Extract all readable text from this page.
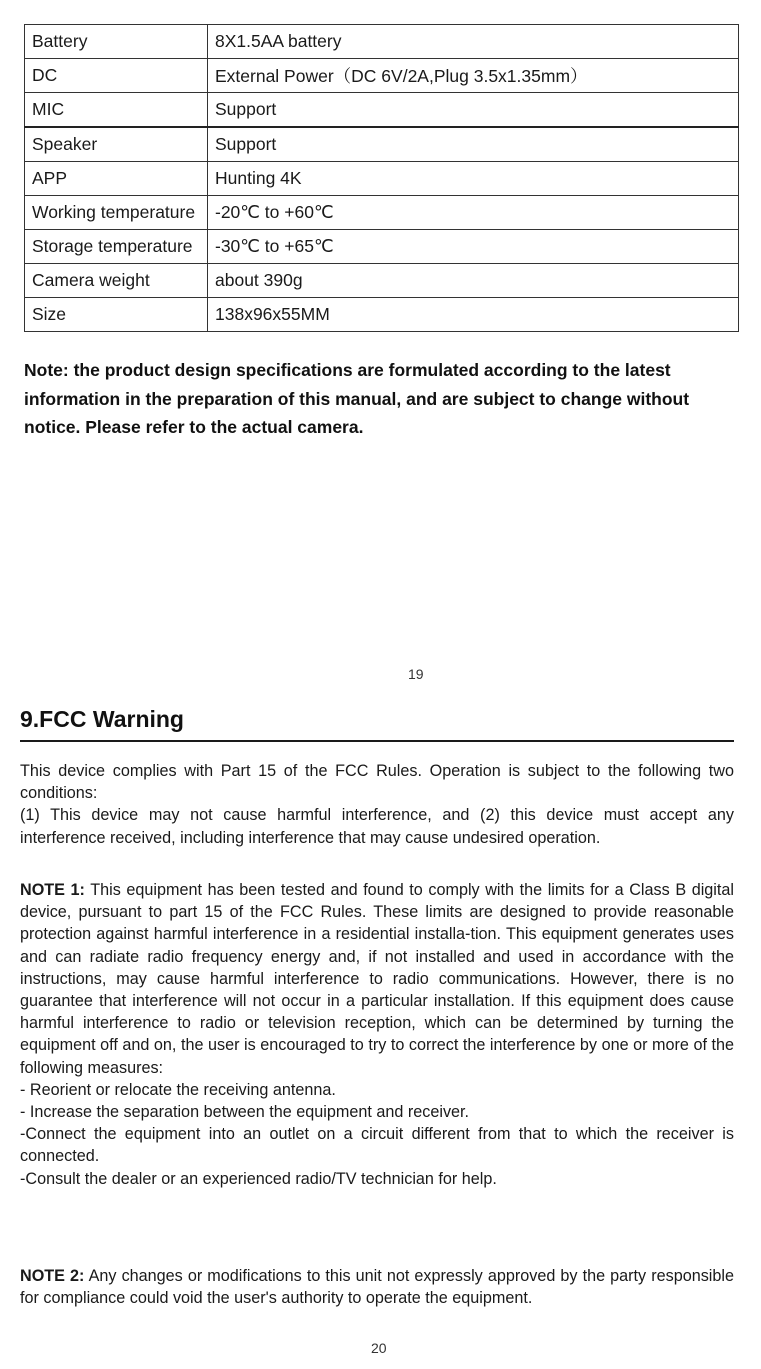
Battery	8X1.5AA battery
DC	External Power（DC 6V/2A,Plug 3.5x1.35mm）
MIC	Support
Speaker	Support
APP	Hunting 4K
Working temperature	-20℃ to +60℃
Storage temperature	-30℃ to +65℃
Camera weight	about 390g
Size	138x96x55MM
Note: the product design specifications are formulated according to the latest information in the preparation of this manual, and are subject to change without notice. Please refer to the actual camera.
19
9.FCC Warning

This device complies with Part 15 of the FCC Rules. Operation is subject to the following two conditions:

(1) This device may not cause harmful interference, and (2) this device must accept any interference received, including interference that may cause undesired operation.

NOTE 1: This equipment has been tested and found to comply with the limits for a Class B digital device, pursuant to part 15 of the FCC Rules. These limits are designed to provide reasonable protection against harmful interference in a residential installa-tion. This equipment generates uses and can radiate radio frequency energy and, if not installed and used in accordance with the instructions, may cause harmful interference to radio communications. However, there is no guarantee that interference will not occur in a particular installation. If this equipment does cause harmful interference to radio or television reception, which can be determined by turning the equipment off and on, the user is encouraged to try to correct the interference by one or more of the following measures:

- Reorient or relocate the receiving antenna.

- Increase the separation between the equipment and receiver.

-Connect the equipment into an outlet on a circuit different from that to which the receiver is connected.

-Consult the dealer or an experienced radio/TV technician for help.

NOTE 2: Any changes or modifications to this unit not expressly approved by the party responsible for compliance could void the user's authority to operate the equipment.

20
